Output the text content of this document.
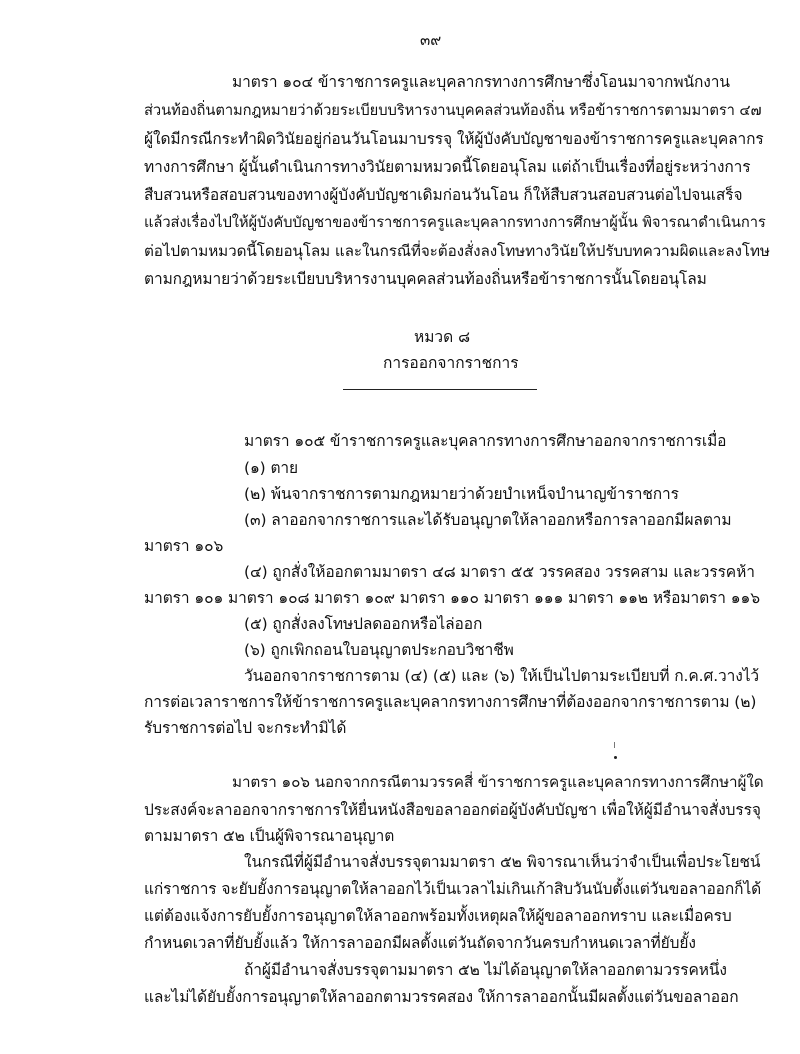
๓๙
มาตรา ๑๐๔ ข้าราชการครูและบุคลากรทางการศึกษาซึ่งโอนมาจากพนักงาน
ส่วนท้องถิ่นตามกฎหมายว่าด้วยระเบียบบริหารงานบุคคลส่วนท้องถิ่น หรือข้าราชการตามมาตรา ๔๗
ผู้ใดมีกรณีกระทำผิดวินัยอยู่ก่อนวันโอนมาบรรจุ ให้ผู้บังคับบัญชาของข้าราชการครูและบุคลากร
ทางการศึกษา ผู้นั้นดำเนินการทางวินัยตามหมวดนี้โดยอนุโลม แต่ถ้าเป็นเรื่องที่อยู่ระหว่างการ
สืบสวนหรือสอบสวนของทางผู้บังคับบัญชาเดิมก่อนวันโอน ก็ให้สืบสวนสอบสวนต่อไปจนเสร็จ
แล้วส่งเรื่องไปให้ผู้บังคับบัญชาของข้าราชการครูและบุคลากรทางการศึกษาผู้นั้น พิจารณาดำเนินการ
ต่อไปตามหมวดนี้โดยอนุโลม และในกรณีที่จะต้องสั่งลงโทษทางวินัยให้ปรับบทความผิดและลงโทษ
ตามกฎหมายว่าด้วยระเบียบบริหารงานบุคคลส่วนท้องถิ่นหรือข้าราชการนั้นโดยอนุโลม
หมวด ๘
การออกจากราชการ
มาตรา ๑๐๕ ข้าราชการครูและบุคลากรทางการศึกษาออกจากราชการเมื่อ
(๑) ตาย
(๒) พ้นจากราชการตามกฎหมายว่าด้วยบำเหน็จบำนาญข้าราชการ
(๓) ลาออกจากราชการและได้รับอนุญาตให้ลาออกหรือการลาออกมีผลตาม
มาตรา ๑๐๖
(๔) ถูกสั่งให้ออกตามมาตรา ๔๘ มาตรา ๕๕ วรรคสอง วรรคสาม และวรรคห้า
มาตรา ๑๐๑ มาตรา ๑๐๘ มาตรา ๑๐๙ มาตรา ๑๑๐ มาตรา ๑๑๑ มาตรา ๑๑๒ หรือมาตรา ๑๑๖
(๕) ถูกสั่งลงโทษปลดออกหรือไล่ออก
(๖) ถูกเพิกถอนใบอนุญาตประกอบวิชาชีพ
วันออกจากราชการตาม (๔) (๕) และ (๖) ให้เป็นไปตามระเบียบที่ ก.ค.ศ.วางไว้
การต่อเวลาราชการให้ข้าราชการครูและบุคลากรทางการศึกษาที่ต้องออกจากราชการตาม (๒)
รับราชการต่อไป จะกระทำมิได้
มาตรา ๑๐๖ นอกจากกรณีตามวรรคสี่ ข้าราชการครูและบุคลากรทางการศึกษาผู้ใด
ประสงค์จะลาออกจากราชการให้ยื่นหนังสือขอลาออกต่อผู้บังคับบัญชา เพื่อให้ผู้มีอำนาจสั่งบรรจุ
ตามมาตรา ๕๒ เป็นผู้พิจารณาอนุญาต
ในกรณีที่ผู้มีอำนาจสั่งบรรจุตามมาตรา ๕๒ พิจารณาเห็นว่าจำเป็นเพื่อประโยชน์
แก่ราชการ จะยับยั้งการอนุญาตให้ลาออกไว้เป็นเวลาไม่เกินเก้าสิบวันนับตั้งแต่วันขอลาออกก็ได้
แต่ต้องแจ้งการยับยั้งการอนุญาตให้ลาออกพร้อมทั้งเหตุผลให้ผู้ขอลาออกทราบ และเมื่อครบ
กำหนดเวลาที่ยับยั้งแล้ว ให้การลาออกมีผลตั้งแต่วันถัดจากวันครบกำหนดเวลาที่ยับยั้ง
ถ้าผู้มีอำนาจสั่งบรรจุตามมาตรา ๕๒ ไม่ได้อนุญาตให้ลาออกตามวรรคหนึ่ง
และไม่ได้ยับยั้งการอนุญาตให้ลาออกตามวรรคสอง ให้การลาออกนั้นมีผลตั้งแต่วันขอลาออก
